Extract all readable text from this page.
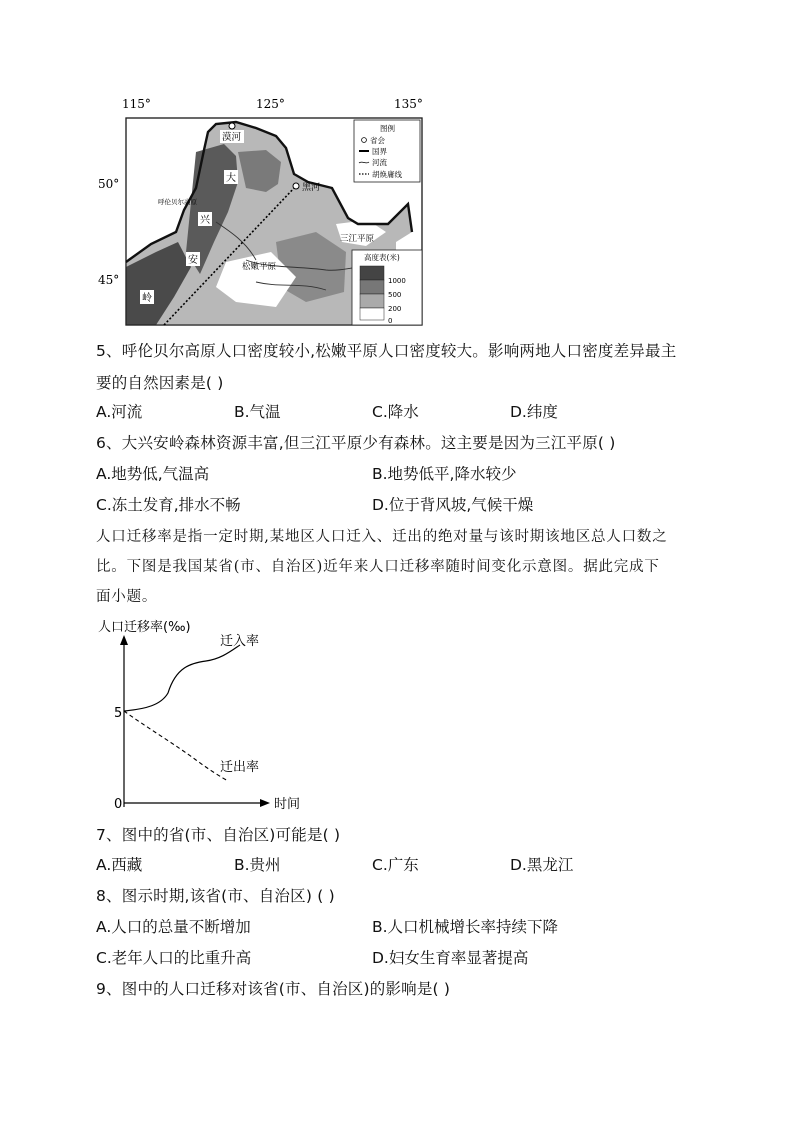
115°	125°	135°
50°
45°
漠河
大
黑河
呼伦贝尔高原
兴
安
岭
松嫩平原
三江平原
图例
省会
国界
河流
胡焕庸线
高度表(米)
1000
500
200
0
5、呼伦贝尔高原人口密度较小,松嫩平原人口密度较大。影响两地人口密度差异最主
要的自然因素是( )
A.河流	B.气温	C.降水	D.纬度
6、大兴安岭森林资源丰富,但三江平原少有森林。这主要是因为三江平原( )
A.地势低,气温高	B.地势低平,降水较少
C.冻土发育,排水不畅	D.位于背风坡,气候干燥
人口迁移率是指一定时期,某地区人口迁入、迁出的绝对量与该时期该地区总人口数之
比。下图是我国某省(市、自治区)近年来人口迁移率随时间变化示意图。据此完成下
面小题。
人口迁移率(‰)
时间
5
0
迁入率
迁出率
7、图中的省(市、自治区)可能是( )
A.西藏	B.贵州	C.广东	D.黑龙江
8、图示时期,该省(市、自治区) ( )
A.人口的总量不断增加	B.人口机械增长率持续下降
C.老年人口的比重升高	D.妇女生育率显著提高
9、图中的人口迁移对该省(市、自治区)的影响是( )
